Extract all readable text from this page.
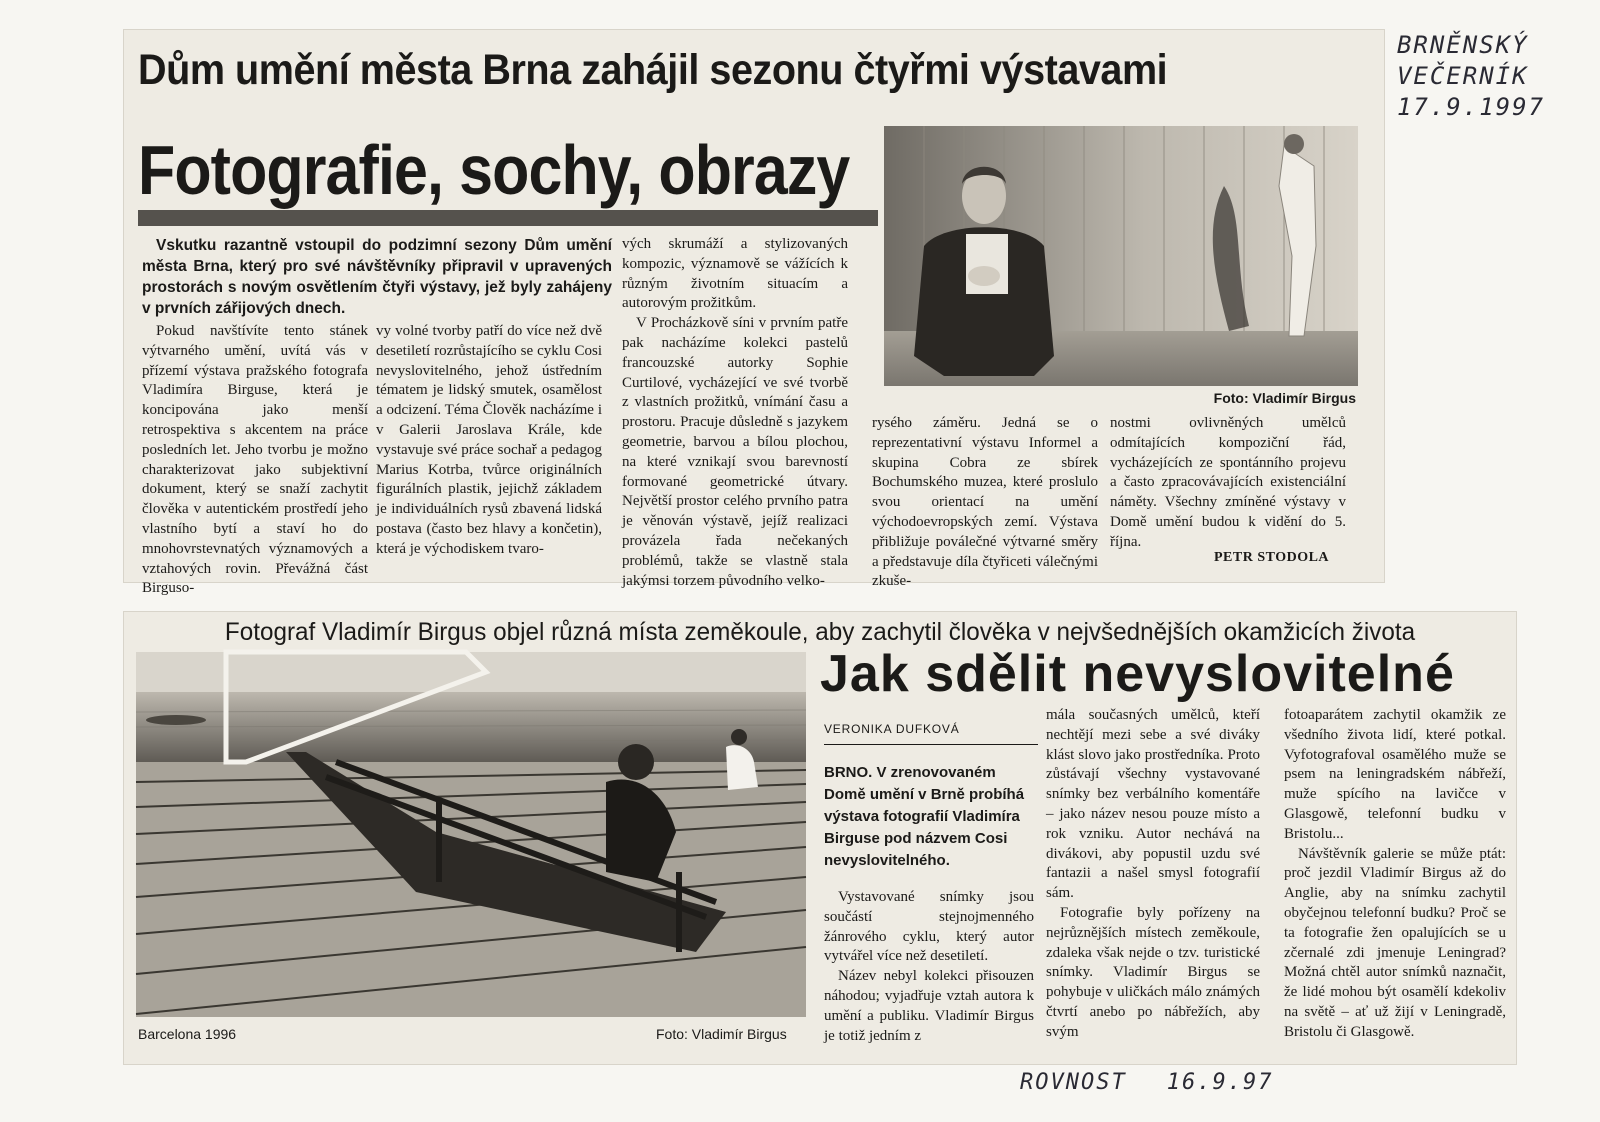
BRNĚNSKÝ
VEČERNÍK
17.9.1997
Dům umění města Brna zahájil sezonu čtyřmi výstavami
Fotografie, sochy, obrazy
Foto: Vladimír Birgus
Vskutku razantně vstoupil do podzimní sezony Dům umění města Brna, který pro své návštěvníky připravil v upravených prostorách s novým osvětlením čtyři výstavy, jež byly zahájeny v prvních zářijových dnech.

Pokud navštívíte tento stánek výtvarného umění, uvítá vás v přízemí výstava pražského fotografa Vladimíra Birguse, která je koncipována jako menší retrospektiva s akcentem na práce posledních let. Jeho tvorbu je možno charakterizovat jako subjektivní dokument, který se snaží zachytit člověka v autentickém prostředí jeho vlastního bytí a staví ho do mnohovrstevnatých významových a vztahových rovin. Převážná část Birguso-

vy volné tvorby patří do více než dvě desetiletí rozrůstajícího se cyklu Cosi nevyslovitelného, jehož ústředním tématem je lidský smutek, osamělost a odcizení. Téma Člověk nacházíme i v Galerii Jaroslava Krále, kde vystavuje své práce sochař a pedagog Marius Kotrba, tvůrce originálních figurálních plastik, jejichž základem je individuálních rysů zbavená lidská postava (často bez hlavy a končetin), která je východiskem tvaro-

vých skrumáží a stylizovaných kompozic, významově se vážících k různým životním situacím a autorovým prožitkům.

V Procházkově síni v prvním patře pak nacházíme kolekci pastelů francouzské autorky Sophie Curtilové, vycházející ve své tvorbě z vlastních prožitků, vnímání času a prostoru. Pracuje důsledně s jazykem geometrie, barvou a bílou plochou, na které vznikají svou barevností formované geometrické útvary. Největší prostor celého prvního patra je věnován výstavě, jejíž realizaci provázela řada nečekaných problémů, takže se vlastně stala jakýmsi torzem původního velko-

rysého záměru. Jedná se o reprezentativní výstavu Informel a skupina Cobra ze sbírek Bochumského muzea, které proslulo svou orientací na umění východoevropských zemí. Výstava přibližuje poválečné výtvarné směry a představuje díla čtyřiceti válečnými zkuše-

nostmi ovlivněných umělců odmítajících kompoziční řád, vycházejících ze spontánního projevu a často zpracovávajících existenciální náměty. Všechny zmíněné výstavy v Domě umění budou k vidění do 5. října.

PETR STODOLA
Fotograf Vladimír Birgus objel různá místa zeměkoule, aby zachytil člověka v nejvšednějších okamžicích života
Jak sdělit nevyslovitelné
Barcelona 1996	Foto: Vladimír Birgus
VERONIKA DUFKOVÁ
BRNO. V zrenovovaném Domě umění v Brně probíhá výstava fotografií Vladimíra Birguse pod názvem Cosi nevyslovitelného.

Vystavované snímky jsou součástí stejnojmenného žánrového cyklu, který autor vytvářel více než desetiletí.

Název nebyl kolekci přisouzen náhodou; vyjadřuje vztah autora k umění a publiku. Vladimír Birgus je totiž jedním z

mála současných umělců, kteří nechtějí mezi sebe a své diváky klást slovo jako prostředníka. Proto zůstávají všechny vystavované snímky bez verbálního komentáře – jako název nesou pouze místo a rok vzniku. Autor nechává na divákovi, aby popustil uzdu své fantazii a našel smysl fotografií sám.

Fotografie byly pořízeny na nejrůznějších místech zeměkoule, zdaleka však nejde o tzv. turistické snímky. Vladimír Birgus se pohybuje v uličkách málo známých čtvrtí anebo po nábřežích, aby svým

fotoaparátem zachytil okamžik ze všedního života lidí, které potkal. Vyfotografoval osamělého muže se psem na leningradském nábřeží, muže spícího na lavičce v Glasgowě, telefonní budku v Bristolu...

Návštěvník galerie se může ptát: proč jezdil Vladimír Birgus až do Anglie, aby na snímku zachytil obyčejnou telefonní budku? Proč se ta fotografie žen opalujících se u zčernalé zdi jmenuje Leningrad? Možná chtěl autor snímků naznačit, že lidé mohou být osamělí kdekoliv na světě – ať už žijí v Leningradě, Bristolu či Glasgowě.

ROVNOST 16.9.97
